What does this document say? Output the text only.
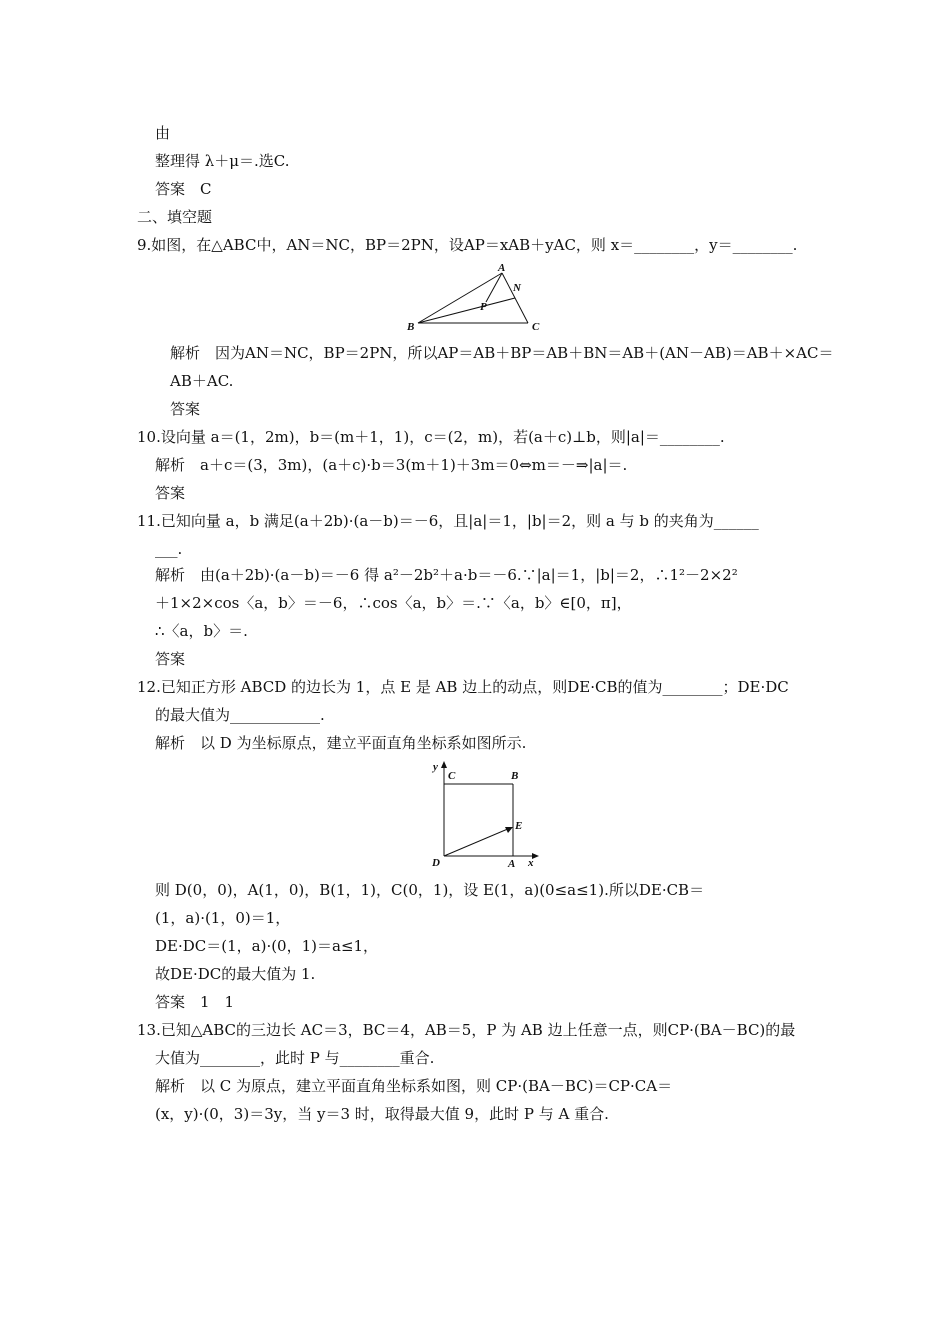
由
整理得 λ＋μ＝.选C.
答案　C
二、填空题
9.如图，在△ABC中，AN＝NC，BP＝2PN，设AP＝xAB＋yAC，则 x＝________，y＝________.
A
N
P
B	C
解析　因为AN＝NC，BP＝2PN，所以AP＝AB＋BP＝AB＋BN＝AB＋(AN－AB)＝AB＋×AC＝
AB＋AC.
答案
10.设向量 a＝(1，2m)，b＝(m＋1，1)，c＝(2，m)，若(a＋c)⊥b，则|a|＝________.
解析　a＋c＝(3，3m)，(a＋c)·b＝3(m＋1)＋3m＝0⇔m＝－⇒|a|＝.
答案
11.已知向量 a，b 满足(a＋2b)·(a－b)＝－6，且|a|＝1，|b|＝2，则 a 与 b 的夹角为______
___.
解析　由(a＋2b)·(a－b)＝－6 得 a²－2b²＋a·b＝－6.∵|a|＝1，|b|＝2，∴1²－2×2²
＋1×2×cos〈a，b〉＝－6，∴cos〈a，b〉＝.∵〈a，b〉∈[0，π]，
∴〈a，b〉＝.
答案
12.已知正方形 ABCD 的边长为 1，点 E 是 AB 边上的动点，则DE·CB的值为________；DE·DC
的最大值为____________.
解析　以 D 为坐标原点，建立平面直角坐标系如图所示.
y
C	B
E
D	A x
则 D(0，0)，A(1，0)，B(1，1)，C(0，1)，设 E(1，a)(0≤a≤1).所以DE·CB＝
(1，a)·(1，0)＝1，
DE·DC＝(1，a)·(0，1)＝a≤1，
故DE·DC的最大值为 1.
答案　1　1
13.已知△ABC的三边长 AC＝3，BC＝4，AB＝5，P 为 AB 边上任意一点，则CP·(BA－BC)的最
大值为________，此时 P 与________重合.
解析　以 C 为原点，建立平面直角坐标系如图，则 CP·(BA－BC)＝CP·CA＝
(x，y)·(0，3)＝3y，当 y＝3 时，取得最大值 9，此时 P 与 A 重合.
